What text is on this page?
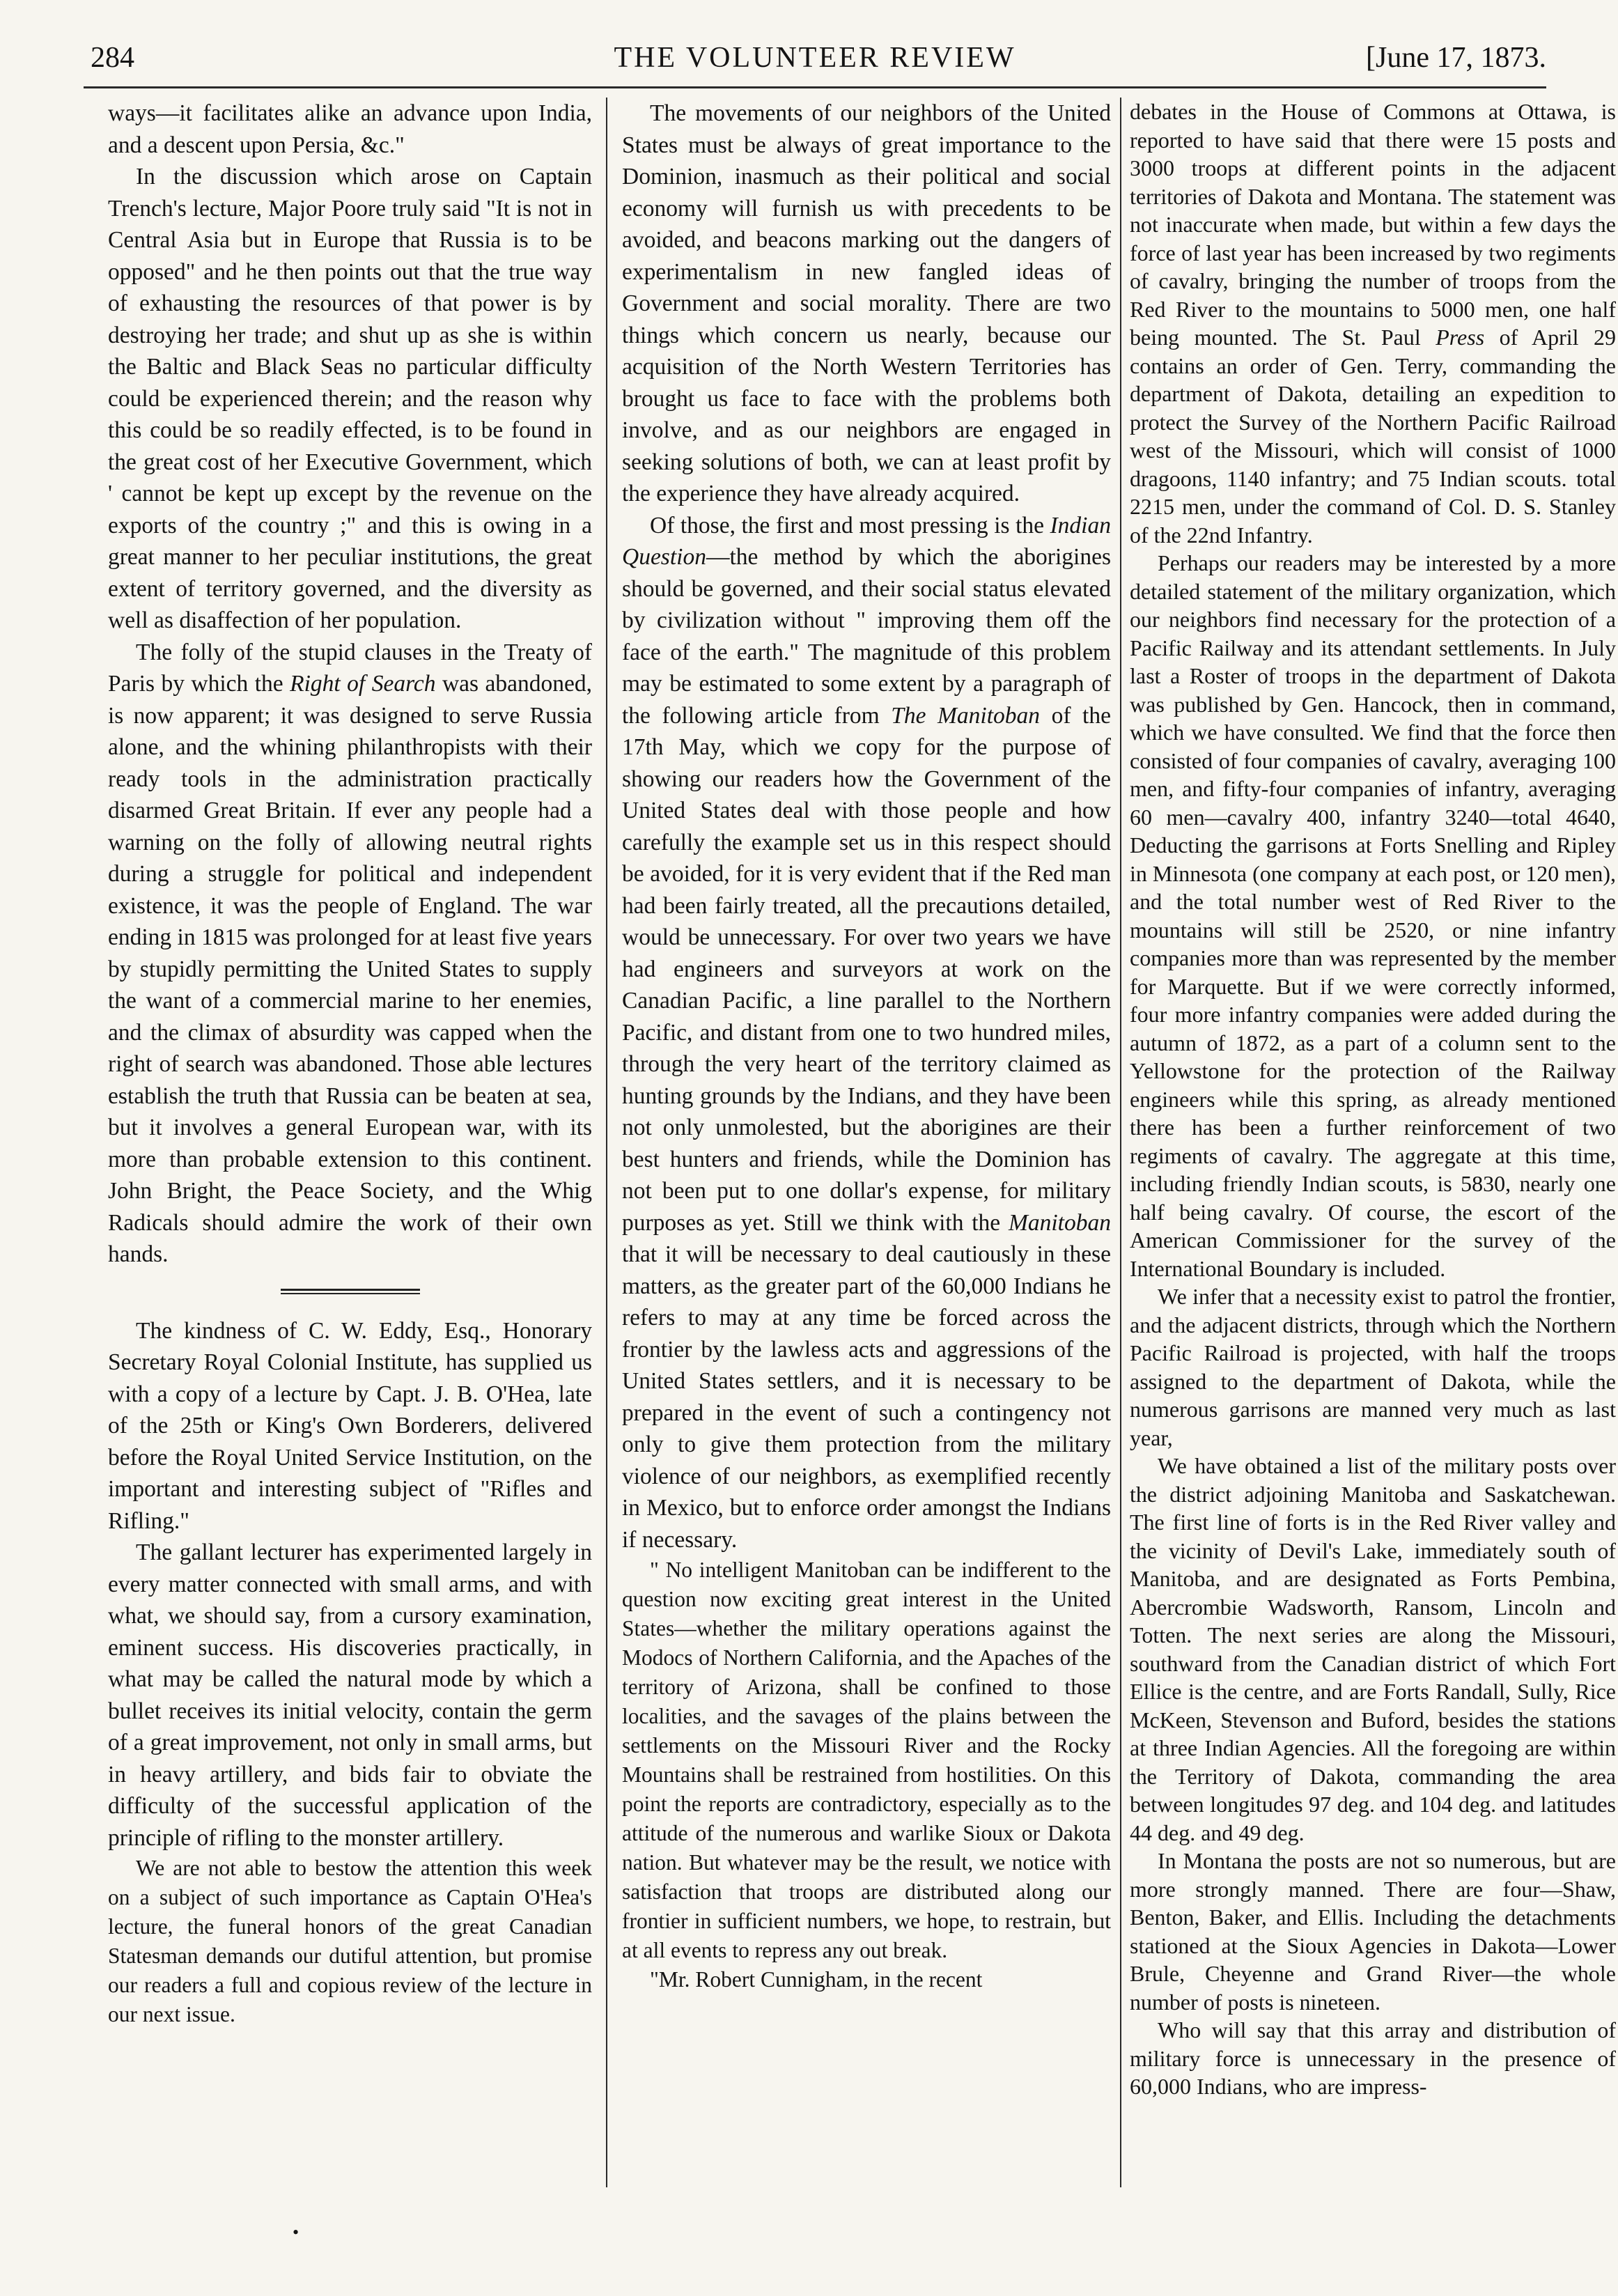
284	THE VOLUNTEER REVIEW	[June 17, 1873.

ways—it facilitates alike an advance upon India, and a descent upon Persia, &c."

In the discussion which arose on Captain Trench's lecture, Major Poore truly said "It is not in Central Asia but in Europe that Russia is to be opposed" and he then points out that the true way of exhausting the resources of that power is by destroying her trade; and shut up as she is within the Baltic and Black Seas no particular difficulty could be experienced therein; and the reason why this could be so readily effected, is to be found in the great cost of her Executive Government, which ' cannot be kept up except by the revenue on the exports of the country ;" and this is owing in a great manner to her peculiar institutions, the great extent of territory governed, and the diversity as well as disaffection of her population.

The folly of the stupid clauses in the Treaty of Paris by which the Right of Search was abandoned, is now apparent; it was designed to serve Russia alone, and the whining philanthropists with their ready tools in the administration practically disarmed Great Britain. If ever any people had a warning on the folly of allowing neutral rights during a struggle for political and independent existence, it was the people of England. The war ending in 1815 was prolonged for at least five years by stupidly permitting the United States to supply the want of a commercial marine to her enemies, and the climax of absurdity was capped when the right of search was abandoned. Those able lectures establish the truth that Russia can be beaten at sea, but it involves a general European war, with its more than probable extension to this continent. John Bright, the Peace Society, and the Whig Radicals should admire the work of their own hands.

The kindness of C. W. Eddy, Esq., Honorary Secretary Royal Colonial Institute, has supplied us with a copy of a lecture by Capt. J. B. O'Hea, late of the 25th or King's Own Borderers, delivered before the Royal United Service Institution, on the important and interesting subject of "Rifles and Rifling."

The gallant lecturer has experimented largely in every matter connected with small arms, and with what, we should say, from a cursory examination, eminent success. His discoveries practically, in what may be called the natural mode by which a bullet receives its initial velocity, contain the germ of a great improvement, not only in small arms, but in heavy artillery, and bids fair to obviate the difficulty of the successful application of the principle of rifling to the monster artillery.

We are not able to bestow the attention this week on a subject of such importance as Captain O'Hea's lecture, the funeral honors of the great Canadian Statesman demands our dutiful attention, but promise our readers a full and copious review of the lecture in our next issue.

The movements of our neighbors of the United States must be always of great importance to the Dominion, inasmuch as their political and social economy will furnish us with precedents to be avoided, and beacons marking out the dangers of experimentalism in new fangled ideas of Government and social morality. There are two things which concern us nearly, because our acquisition of the North Western Territories has brought us face to face with the problems both involve, and as our neighbors are engaged in seeking solutions of both, we can at least profit by the experience they have already acquired.

Of those, the first and most pressing is the Indian Question—the method by which the aborigines should be governed, and their social status elevated by civilization without " improving them off the face of the earth." The magnitude of this problem may be estimated to some extent by a paragraph of the following article from The Manitoban of the 17th May, which we copy for the purpose of showing our readers how the Government of the United States deal with those people and how carefully the example set us in this respect should be avoided, for it is very evident that if the Red man had been fairly treated, all the precautions detailed, would be unnecessary. For over two years we have had engineers and surveyors at work on the Canadian Pacific, a line parallel to the Northern Pacific, and distant from one to two hundred miles, through the very heart of the territory claimed as hunting grounds by the Indians, and they have been not only unmolested, but the aborigines are their best hunters and friends, while the Dominion has not been put to one dollar's expense, for military purposes as yet. Still we think with the Manitoban that it will be necessary to deal cautiously in these matters, as the greater part of the 60,000 Indians he refers to may at any time be forced across the frontier by the lawless acts and aggressions of the United States settlers, and it is necessary to be prepared in the event of such a contingency not only to give them protection from the military violence of our neighbors, as exemplified recently in Mexico, but to enforce order amongst the Indians if necessary.

" No intelligent Manitoban can be indifferent to the question now exciting great interest in the United States—whether the military operations against the Modocs of Northern California, and the Apaches of the territory of Arizona, shall be confined to those localities, and the savages of the plains between the settlements on the Missouri River and the Rocky Mountains shall be restrained from hostilities. On this point the reports are contradictory, especially as to the attitude of the numerous and warlike Sioux or Dakota nation. But whatever may be the result, we notice with satisfaction that troops are distributed along our frontier in sufficient numbers, we hope, to restrain, but at all events to repress any out break.

"Mr. Robert Cunnigham, in the recent

debates in the House of Commons at Ottawa, is reported to have said that there were 15 posts and 3000 troops at different points in the adjacent territories of Dakota and Montana. The statement was not inaccurate when made, but within a few days the force of last year has been increased by two regiments of cavalry, bringing the number of troops from the Red River to the mountains to 5000 men, one half being mounted. The St. Paul Press of April 29 contains an order of Gen. Terry, commanding the department of Dakota, detailing an expedition to protect the Survey of the Northern Pacific Railroad west of the Missouri, which will consist of 1000 dragoons, 1140 infantry; and 75 Indian scouts. total 2215 men, under the command of Col. D. S. Stanley of the 22nd Infantry.

Perhaps our readers may be interested by a more detailed statement of the military organization, which our neighbors find necessary for the protection of a Pacific Railway and its attendant settlements. In July last a Roster of troops in the department of Dakota was published by Gen. Hancock, then in command, which we have consulted. We find that the force then consisted of four companies of cavalry, averaging 100 men, and fifty-four companies of infantry, averaging 60 men—cavalry 400, infantry 3240—total 4640, Deducting the garrisons at Forts Snelling and Ripley in Minnesota (one company at each post, or 120 men), and the total number west of Red River to the mountains will still be 2520, or nine infantry companies more than was represented by the member for Marquette. But if we were correctly informed, four more infantry companies were added during the autumn of 1872, as a part of a column sent to the Yellowstone for the protection of the Railway engineers while this spring, as already mentioned there has been a further reinforcement of two regiments of cavalry. The aggregate at this time, including friendly Indian scouts, is 5830, nearly one half being cavalry. Of course, the escort of the American Commissioner for the survey of the International Boundary is included.

We infer that a necessity exist to patrol the frontier, and the adjacent districts, through which the Northern Pacific Railroad is projected, with half the troops assigned to the department of Dakota, while the numerous garrisons are manned very much as last year,

We have obtained a list of the military posts over the district adjoining Manitoba and Saskatchewan. The first line of forts is in the Red River valley and the vicinity of Devil's Lake, immediately south of Manitoba, and are designated as Forts Pembina, Abercrombie Wadsworth, Ransom, Lincoln and Totten. The next series are along the Missouri, southward from the Canadian district of which Fort Ellice is the centre, and are Forts Randall, Sully, Rice McKeen, Stevenson and Buford, besides the stations at three Indian Agencies. All the foregoing are within the Territory of Dakota, commanding the area between longitudes 97 deg. and 104 deg. and latitudes 44 deg. and 49 deg.

In Montana the posts are not so numerous, but are more strongly manned. There are four—Shaw, Benton, Baker, and Ellis. Including the detachments stationed at the Sioux Agencies in Dakota—Lower Brule, Cheyenne and Grand River—the whole number of posts is nineteen.

Who will say that this array and distribution of military force is unnecessary in the presence of 60,000 Indians, who are impress-

•
